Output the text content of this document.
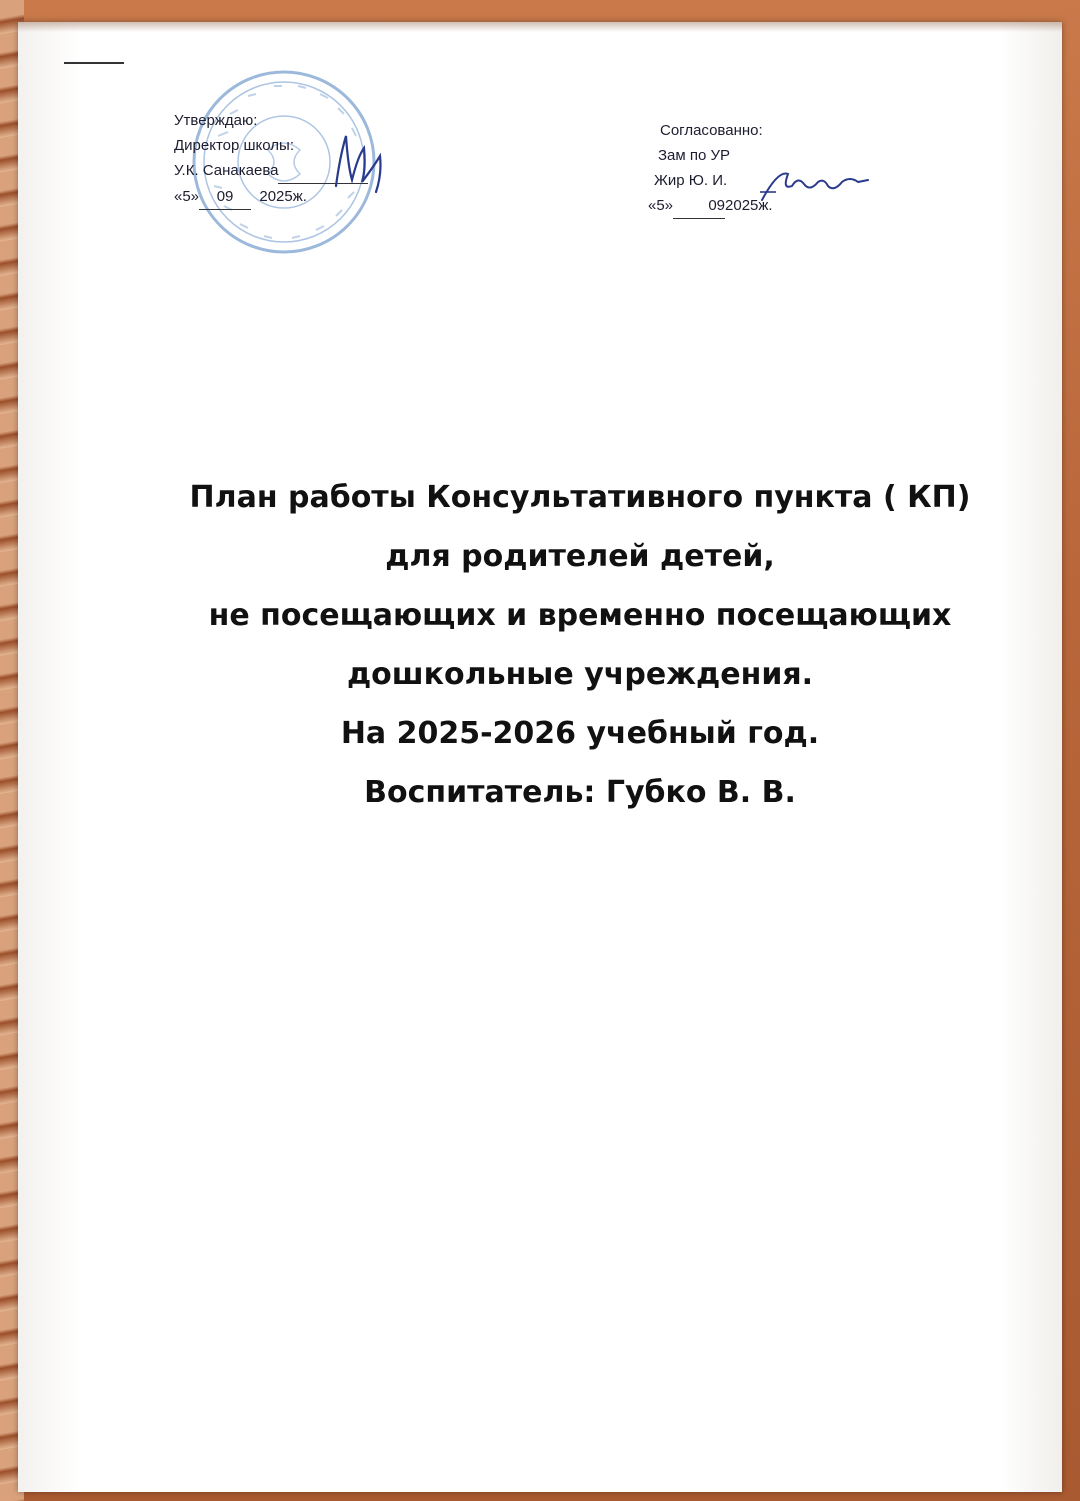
Утверждаю:
Директор школы:
У.К. Санакаева
«5» 09 2025ж.
Согласованно:
Зам по УР
Жир Ю. И.
«5» 092025ж.
План работы Консультативного пункта ( КП)
для родителей детей,
не посещающих и временно посещающих
дошкольные учреждения.
На 2025-2026 учебный год.
Воспитатель: Губко В. В.
